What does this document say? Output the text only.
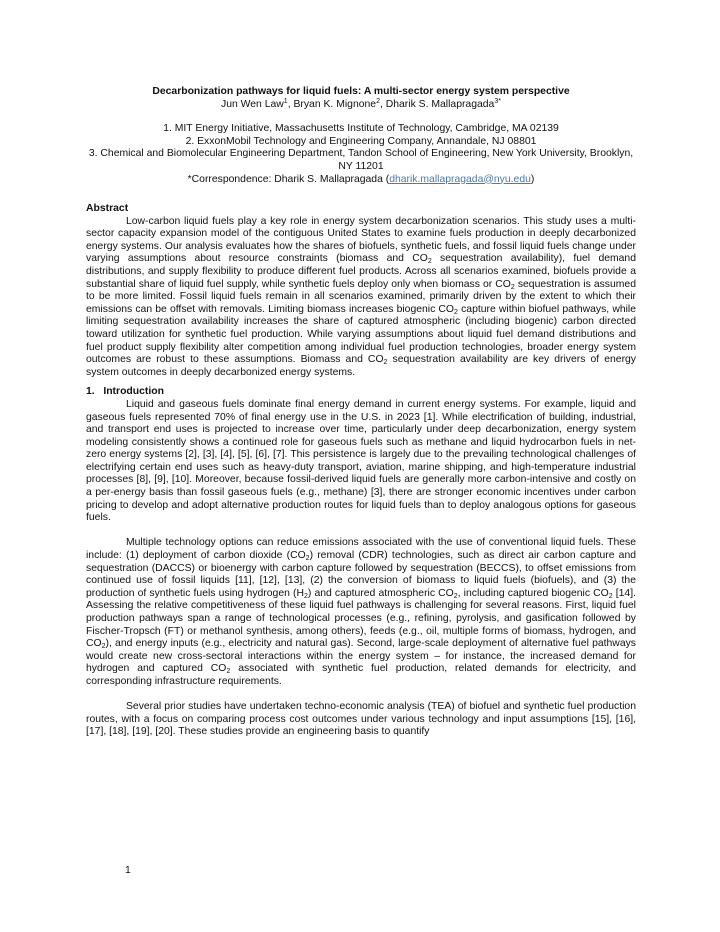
Decarbonization pathways for liquid fuels: A multi-sector energy system perspective
Jun Wen Law$^1$, Bryan K. Mignone$^2$, Dharik S. Mallapragada$^{3*}$
1. MIT Energy Initiative, Massachusetts Institute of Technology, Cambridge, MA 02139
2. ExxonMobil Technology and Engineering Company, Annandale, NJ 08801
3. Chemical and Biomolecular Engineering Department, Tandon School of Engineering, New York University, Brooklyn, NY 11201
*Correspondence: Dharik S. Mallapragada (dharik.mallapragada@nyu.edu)
Abstract

Low-carbon liquid fuels play a key role in energy system decarbonization scenarios. This study uses a multi-sector capacity expansion model of the contiguous United States to examine fuels production in deeply decarbonized energy systems. Our analysis evaluates how the shares of biofuels, synthetic fuels, and fossil liquid fuels change under varying assumptions about resource constraints (biomass and $CO_2$ sequestration availability), fuel demand distributions, and supply flexibility to produce different fuel products. Across all scenarios examined, biofuels provide a substantial share of liquid fuel supply, while synthetic fuels deploy only when biomass or $CO_2$ sequestration is assumed to be more limited. Fossil liquid fuels remain in all scenarios examined, primarily driven by the extent to which their emissions can be offset with removals. Limiting biomass increases biogenic $CO_2$ capture within biofuel pathways, while limiting sequestration availability increases the share of captured atmospheric (including biogenic) carbon directed toward utilization for synthetic fuel production. While varying assumptions about liquid fuel demand distributions and fuel product supply flexibility alter competition among individual fuel production technologies, broader energy system outcomes are robust to these assumptions. Biomass and $CO_2$ sequestration availability are key drivers of energy system outcomes in deeply decarbonized energy systems.

1.   Introduction

Liquid and gaseous fuels dominate final energy demand in current energy systems. For example, liquid and gaseous fuels represented 70% of final energy use in the U.S. in 2023 [1]. While electrification of building, industrial, and transport end uses is projected to increase over time, particularly under deep decarbonization, energy system modeling consistently shows a continued role for gaseous fuels such as methane and liquid hydrocarbon fuels in net-zero energy systems [2], [3], [4], [5], [6], [7]. This persistence is largely due to the prevailing technological challenges of electrifying certain end uses such as heavy-duty transport, aviation, marine shipping, and high-temperature industrial processes [8], [9], [10]. Moreover, because fossil-derived liquid fuels are generally more carbon-intensive and costly on a per-energy basis than fossil gaseous fuels (e.g., methane) [3], there are stronger economic incentives under carbon pricing to develop and adopt alternative production routes for liquid fuels than to deploy analogous options for gaseous fuels.

Multiple technology options can reduce emissions associated with the use of conventional liquid fuels. These include: (1) deployment of carbon dioxide $(CO_2)$ removal (CDR) technologies, such as direct air carbon capture and sequestration (DACCS) or bioenergy with carbon capture followed by sequestration (BECCS), to offset emissions from continued use of fossil liquids [11], [12], [13], (2) the conversion of biomass to liquid fuels (biofuels), and (3) the production of synthetic fuels using hydrogen $(H_2)$ and captured atmospheric $CO_2$, including captured biogenic $CO_2$ [14]. Assessing the relative competitiveness of these liquid fuel pathways is challenging for several reasons. First, liquid fuel production pathways span a range of technological processes (e.g., refining, pyrolysis, and gasification followed by Fischer-Tropsch (FT) or methanol synthesis, among others), feeds (e.g., oil, multiple forms of biomass, hydrogen, and $CO_2$), and energy inputs (e.g., electricity and natural gas). Second, large-scale deployment of alternative fuel pathways would create new cross-sectoral interactions within the energy system – for instance, the increased demand for hydrogen and captured $CO_2$ associated with synthetic fuel production, related demands for electricity, and corresponding infrastructure requirements.

Several prior studies have undertaken techno-economic analysis (TEA) of biofuel and synthetic fuel production routes, with a focus on comparing process cost outcomes under various technology and input assumptions [15], [16], [17], [18], [19], [20]. These studies provide an engineering basis to quantify

1
